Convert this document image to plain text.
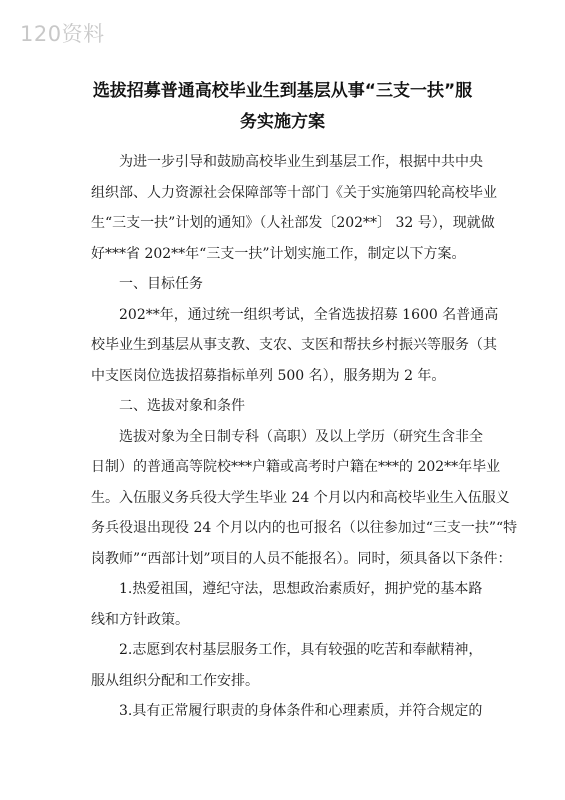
120资料
选拔招募普通高校毕业生到基层从事“三支一扶”服
务实施方案
为进一步引导和鼓励高校毕业生到基层工作，根据中共中央
组织部、人力资源社会保障部等十部门《关于实施第四轮高校毕业
生“三支一扶”计划的通知》（人社部发〔202**〕 32 号），现就做
好***省 202**年“三支一扶”计划实施工作，制定以下方案。
一、目标任务
202**年，通过统一组织考试，全省选拔招募 1600 名普通高
校毕业生到基层从事支教、支农、支医和帮扶乡村振兴等服务（其
中支医岗位选拔招募指标单列 500 名），服务期为 2 年。
二、选拔对象和条件
选拔对象为全日制专科（高职）及以上学历（研究生含非全
日制）的普通高等院校***户籍或高考时户籍在***的 202**年毕业
生。入伍服义务兵役大学生毕业 24 个月以内和高校毕业生入伍服义
务兵役退出现役 24 个月以内的也可报名（以往参加过“三支一扶”“特
岗教师”“西部计划”项目的人员不能报名）。同时，须具备以下条件：
1.热爱祖国，遵纪守法，思想政治素质好，拥护党的基本路
线和方针政策。
2.志愿到农村基层服务工作，具有较强的吃苦和奉献精神，
服从组织分配和工作安排。
3.具有正常履行职责的身体条件和心理素质，并符合规定的
